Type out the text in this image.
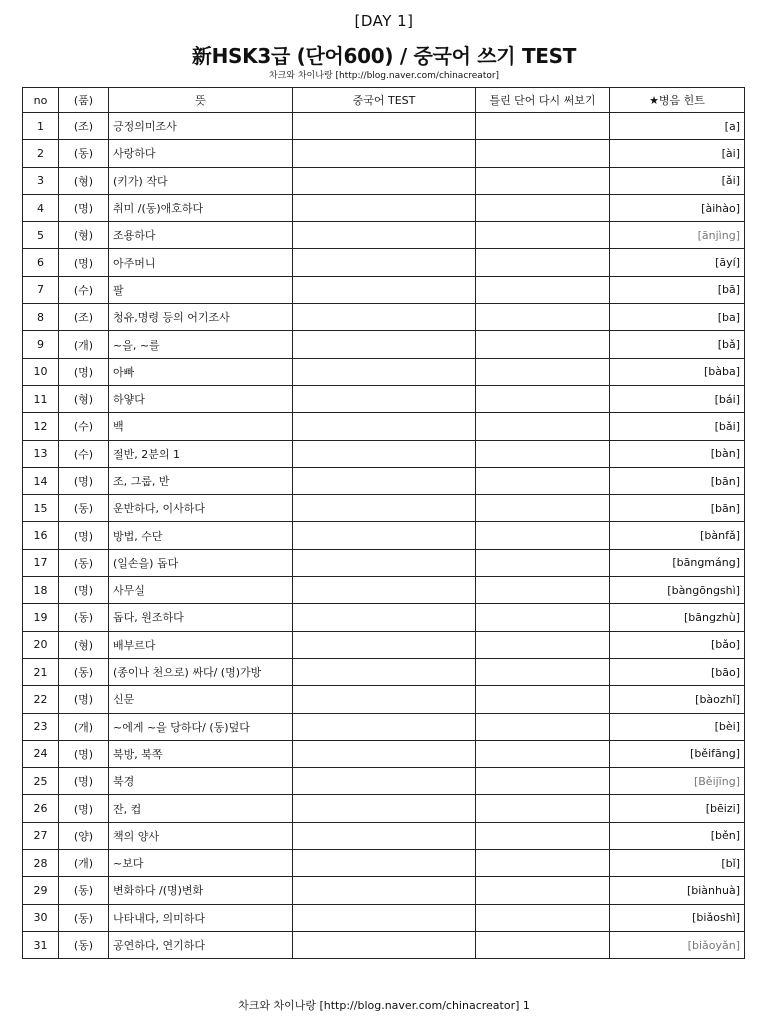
[DAY 1]
新HSK3급 (단어600) / 중국어 쓰기 TEST
차크와 차이나랑 [http://blog.naver.com/chinacreator]
no	(품)	뜻	중국어 TEST	틀린 단어 다시 써보기	★병음 힌트
1	(조)	긍정의미조사			[a]
2	(동)	사랑하다			[ài]
3	(형)	(키가) 작다			[ǎi]
4	(명)	취미 /(동)애호하다			[àihào]
5	(형)	조용하다			[ānjìng]
6	(명)	아주머니			[āyí]
7	(수)	팔			[bā]
8	(조)	청유,명령 등의 어기조사			[ba]
9	(개)	~을, ~를			[bǎ]
10	(명)	아빠			[bàba]
11	(형)	하얗다			[bái]
12	(수)	백			[bǎi]
13	(수)	절반, 2분의 1			[bàn]
14	(명)	조, 그룹, 반			[bān]
15	(동)	운반하다, 이사하다			[bān]
16	(명)	방법, 수단			[bànfǎ]
17	(동)	(일손을) 돕다			[bāngmáng]
18	(명)	사무실			[bàngōngshì]
19	(동)	돕다, 원조하다			[bāngzhù]
20	(형)	배부르다			[bǎo]
21	(동)	(종이나 천으로) 싸다/ (명)가방			[bāo]
22	(명)	신문			[bàozhǐ]
23	(개)	~에게 ~을 당하다/ (동)덮다			[bèi]
24	(명)	북방, 북쪽			[běifāng]
25	(명)	북경			[Běijīng]
26	(명)	잔, 컵			[bēizi]
27	(양)	책의 양사			[běn]
28	(개)	~보다			[bǐ]
29	(동)	변화하다 /(명)변화			[biànhuà]
30	(동)	나타내다, 의미하다			[biǎoshì]
31	(동)	공연하다, 연기하다			[biǎoyǎn]
차크와 차이나랑 [http://blog.naver.com/chinacreator] 1
